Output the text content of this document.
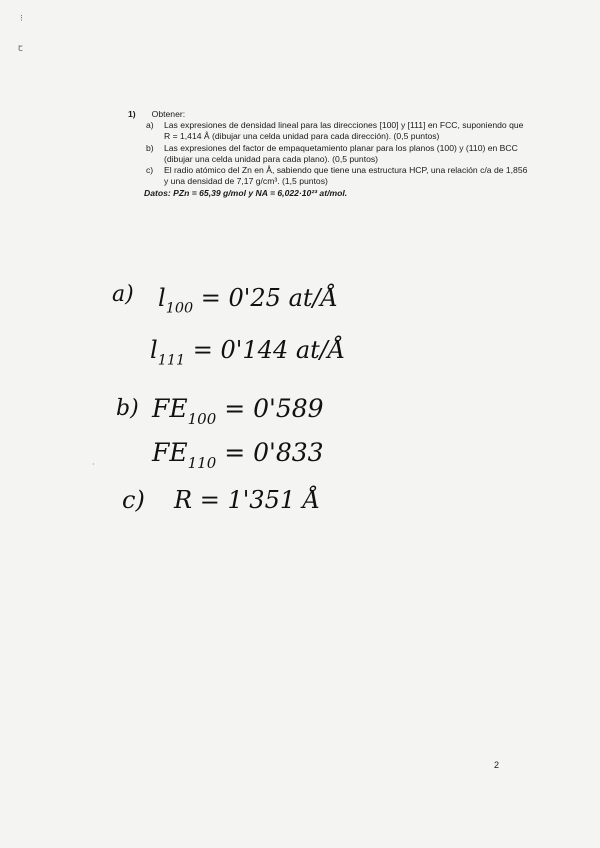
⁝
ꞇ
1) Obtener:
a)	Las expresiones de densidad lineal para las direcciones [100] y [111] en FCC, suponiendo que R = 1,414 Å (dibujar una celda unidad para cada dirección). (0,5 puntos)
b)	Las expresiones del factor de empaquetamiento planar para los planos (100) y (110) en BCC (dibujar una celda unidad para cada plano). (0,5 puntos)
c)	El radio atómico del Zn en Å, sabiendo que tiene una estructura HCP, una relación c/a de 1,856 y una densidad de 7,17 g/cm³. (1,5 puntos)
Datos: PZn = 65,39 g/mol y NA = 6,022·10²³ at/mol.
a) $l_{100} = 0'25$ at/Å
$l_{111} = 0'144$ at/Å
b) $FE_{100} = 0'589$
$FE_{110} = 0'833$
c) R = 1'351 Å
·
2
